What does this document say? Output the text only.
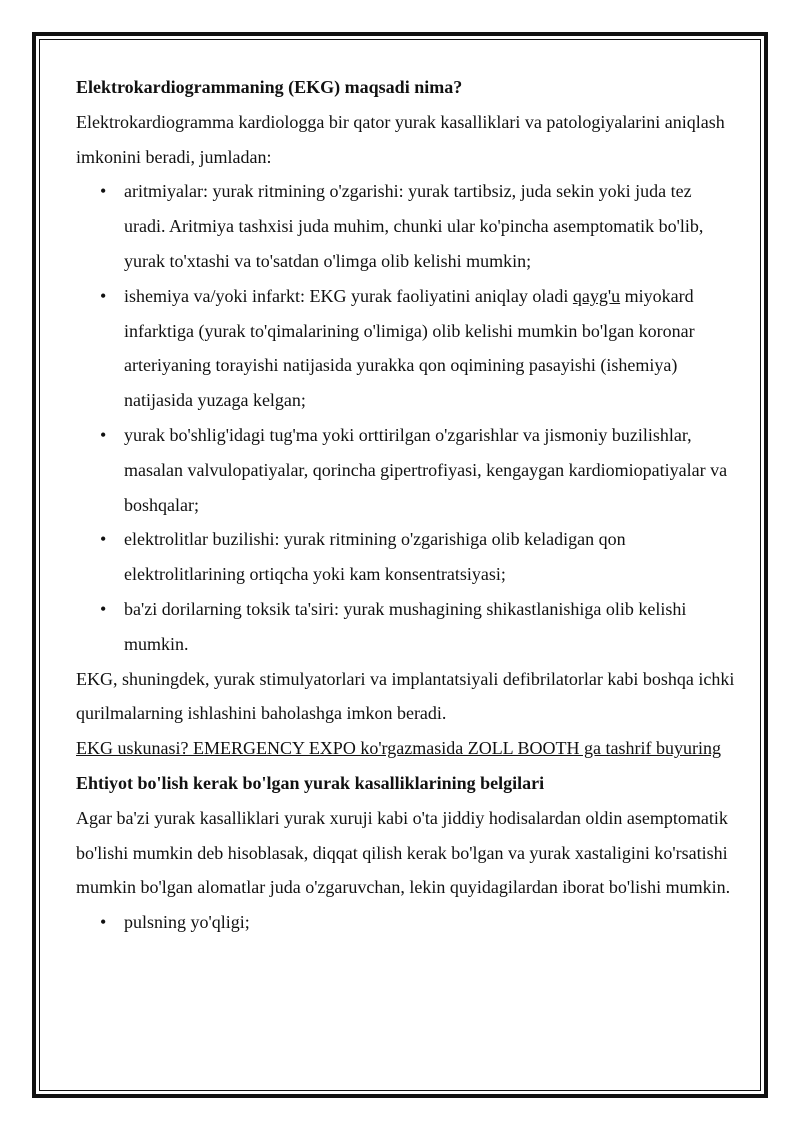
Elektrokardiogrammaning (EKG) maqsadi nima?

Elektrokardiogramma kardiologga bir qator yurak kasalliklari va patologiyalarini aniqlash imkonini beradi, jumladan:

• aritmiyalar: yurak ritmining o'zgarishi: yurak tartibsiz, juda sekin yoki juda tez uradi. Aritmiya tashxisi juda muhim, chunki ular ko'pincha asemptomatik bo'lib, yurak to'xtashi va to'satdan o'limga olib kelishi mumkin;
• ishemiya va/yoki infarkt: EKG yurak faoliyatini aniqlay oladi qayg'u miyokard infarktiga (yurak to'qimalarining o'limiga) olib kelishi mumkin bo'lgan koronar arteriyaning torayishi natijasida yurakka qon oqimining pasayishi (ishemiya) natijasida yuzaga kelgan;
• yurak bo'shlig'idagi tug'ma yoki orttirilgan o'zgarishlar va jismoniy buzilishlar, masalan valvulopatiyalar, qorincha gipertrofiyasi, kengaygan kardiomiopatiyalar va boshqalar;
• elektrolitlar buzilishi: yurak ritmining o'zgarishiga olib keladigan qon elektrolitlarining ortiqcha yoki kam konsentratsiyasi;
• ba'zi dorilarning toksik ta'siri: yurak mushagining shikastlanishiga olib kelishi mumkin.

EKG, shuningdek, yurak stimulyatorlari va implantatsiyali defibrilatorlar kabi boshqa ichki qurilmalarning ishlashini baholashga imkon beradi.

EKG uskunasi? EMERGENCY EXPO ko'rgazmasida ZOLL BOOTH ga tashrif buyuring

Ehtiyot bo'lish kerak bo'lgan yurak kasalliklarining belgilari

Agar ba'zi yurak kasalliklari yurak xuruji kabi o'ta jiddiy hodisalardan oldin asemptomatik bo'lishi mumkin deb hisoblasak, diqqat qilish kerak bo'lgan va yurak xastaligini ko'rsatishi mumkin bo'lgan alomatlar juda o'zgaruvchan, lekin quyidagilardan iborat bo'lishi mumkin.

• pulsning yo'qligi;
